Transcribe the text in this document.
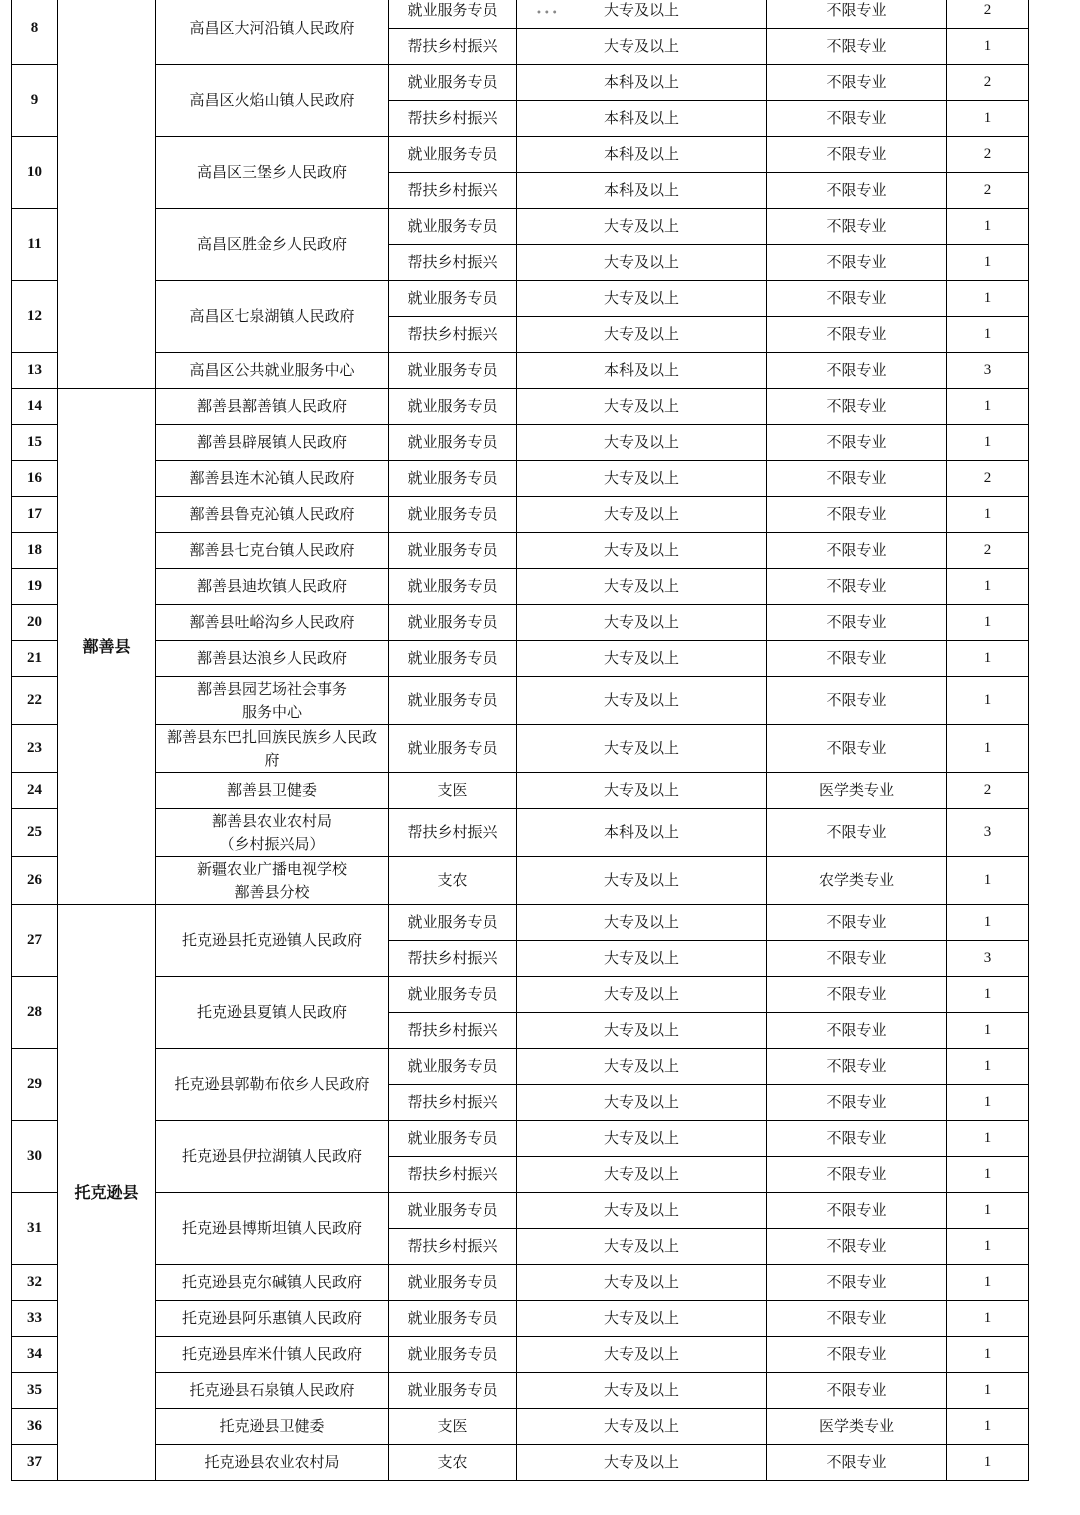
8		高昌区大河沿镇人民政府	就业服务专员	大专及以上	不限专业	2
			帮扶乡村振兴	大专及以上	不限专业	1
9		高昌区火焰山镇人民政府	就业服务专员	本科及以上	不限专业	2
			帮扶乡村振兴	本科及以上	不限专业	1
10		高昌区三堡乡人民政府	就业服务专员	本科及以上	不限专业	2
			帮扶乡村振兴	本科及以上	不限专业	2
11		高昌区胜金乡人民政府	就业服务专员	大专及以上	不限专业	1
			帮扶乡村振兴	大专及以上	不限专业	1
12		高昌区七泉湖镇人民政府	就业服务专员	大专及以上	不限专业	1
			帮扶乡村振兴	大专及以上	不限专业	1
13		高昌区公共就业服务中心	就业服务专员	本科及以上	不限专业	3
14	鄯善县	鄯善县鄯善镇人民政府	就业服务专员	大专及以上	不限专业	1
15		鄯善县辟展镇人民政府	就业服务专员	大专及以上	不限专业	1
16		鄯善县连木沁镇人民政府	就业服务专员	大专及以上	不限专业	2
17		鄯善县鲁克沁镇人民政府	就业服务专员	大专及以上	不限专业	1
18		鄯善县七克台镇人民政府	就业服务专员	大专及以上	不限专业	2
19		鄯善县迪坎镇人民政府	就业服务专员	大专及以上	不限专业	1
20		鄯善县吐峪沟乡人民政府	就业服务专员	大专及以上	不限专业	1
21		鄯善县达浪乡人民政府	就业服务专员	大专及以上	不限专业	1
22		鄯善县园艺场社会事务
服务中心	就业服务专员	大专及以上	不限专业	1
23		鄯善县东巴扎回族民族乡人民政
府	就业服务专员	大专及以上	不限专业	1
24		鄯善县卫健委	支医	大专及以上	医学类专业	2
25		鄯善县农业农村局
（乡村振兴局）	帮扶乡村振兴	本科及以上	不限专业	3
26		新疆农业广播电视学校
鄯善县分校	支农	大专及以上	农学类专业	1
27	托克逊县	托克逊县托克逊镇人民政府	就业服务专员	大专及以上	不限专业	1
			帮扶乡村振兴	大专及以上	不限专业	3
28		托克逊县夏镇人民政府	就业服务专员	大专及以上	不限专业	1
			帮扶乡村振兴	大专及以上	不限专业	1
29		托克逊县郭勒布依乡人民政府	就业服务专员	大专及以上	不限专业	1
			帮扶乡村振兴	大专及以上	不限专业	1
30		托克逊县伊拉湖镇人民政府	就业服务专员	大专及以上	不限专业	1
			帮扶乡村振兴	大专及以上	不限专业	1
31		托克逊县博斯坦镇人民政府	就业服务专员	大专及以上	不限专业	1
			帮扶乡村振兴	大专及以上	不限专业	1
32		托克逊县克尔碱镇人民政府	就业服务专员	大专及以上	不限专业	1
33		托克逊县阿乐惠镇人民政府	就业服务专员	大专及以上	不限专业	1
34		托克逊县库米什镇人民政府	就业服务专员	大专及以上	不限专业	1
35		托克逊县石泉镇人民政府	就业服务专员	大专及以上	不限专业	1
36		托克逊县卫健委	支医	大专及以上	医学类专业	1
37		托克逊县农业农村局	支农	大专及以上	不限专业	1
•••
